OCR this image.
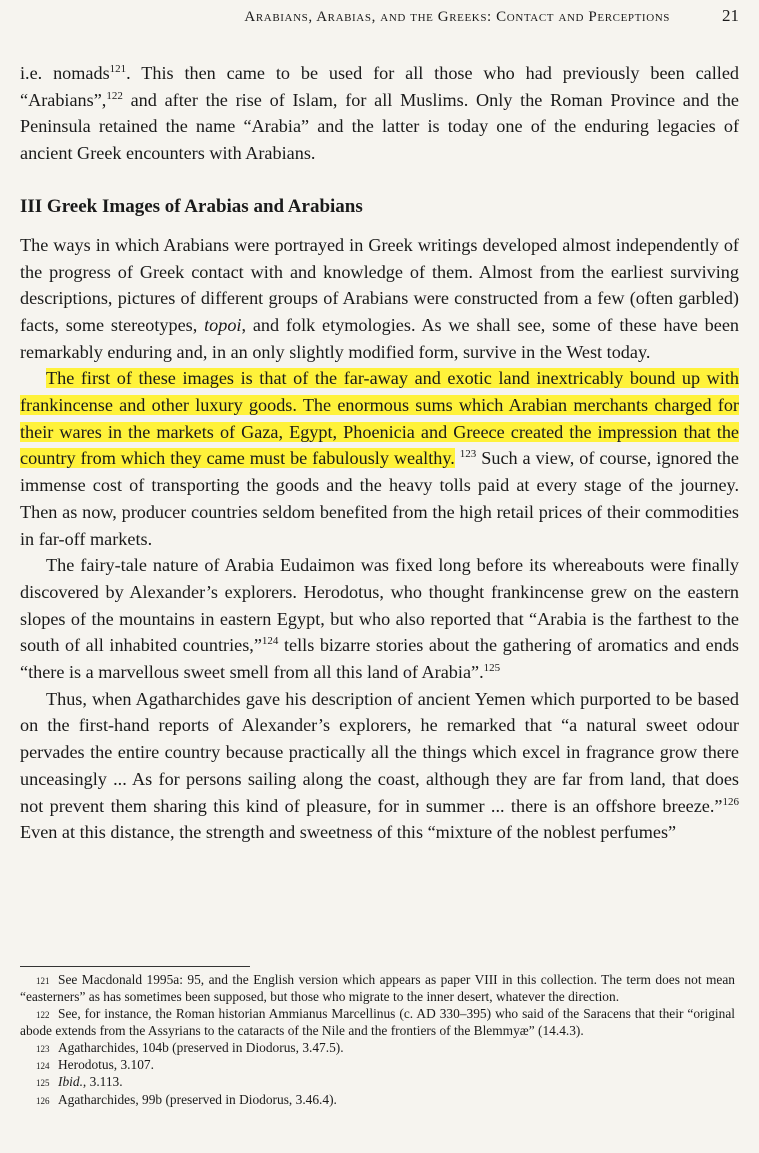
Arabians, Arabias, and the Greeks: Contact and Perceptions	21

i.e. nomads$^{121}$. This then came to be used for all those who had previously been called “Arabians”,$^{122}$ and after the rise of Islam, for all Muslims. Only the Roman Province and the Peninsula retained the name “Arabia” and the latter is today one of the enduring legacies of ancient Greek encounters with Arabians.

III Greek Images of Arabias and Arabians

The ways in which Arabians were portrayed in Greek writings developed almost independently of the progress of Greek contact with and knowledge of them. Almost from the earliest surviving descriptions, pictures of different groups of Arabians were constructed from a few (often garbled) facts, some stereotypes, topoi, and folk etymologies. As we shall see, some of these have been remarkably enduring and, in an only slightly modified form, survive in the West today.

The first of these images is that of the far-away and exotic land inextricably bound up with frankincense and other luxury goods. The enormous sums which Arabian merchants charged for their wares in the markets of Gaza, Egypt, Phoenicia and Greece created the impression that the country from which they came must be fabulously wealthy. $^{123}$ Such a view, of course, ignored the immense cost of transporting the goods and the heavy tolls paid at every stage of the journey. Then as now, producer countries seldom benefited from the high retail prices of their commodities in far-off markets.

The fairy-tale nature of Arabia Eudaimon was fixed long before its whereabouts were finally discovered by Alexander’s explorers. Herodotus, who thought frankincense grew on the eastern slopes of the mountains in eastern Egypt, but who also reported that “Arabia is the farthest to the south of all inhabited countries,”$^{124}$ tells bizarre stories about the gathering of aromatics and ends “there is a marvellous sweet smell from all this land of Arabia”.$^{125}$

Thus, when Agatharchides gave his description of ancient Yemen which purported to be based on the first-hand reports of Alexander’s explorers, he remarked that “a natural sweet odour pervades the entire country because practically all the things which excel in fragrance grow there unceasingly ... As for persons sailing along the coast, although they are far from land, that does not prevent them sharing this kind of pleasure, for in summer ... there is an offshore breeze.”$^{126}$ Even at this distance, the strength and sweetness of this “mixture of the noblest perfumes”

121 See Macdonald 1995a: 95, and the English version which appears as paper VIII in this collection. The term does not mean “easterners” as has sometimes been supposed, but those who migrate to the inner desert, whatever the direction.

122 See, for instance, the Roman historian Ammianus Marcellinus (c. AD 330–395) who said of the Saracens that their “original abode extends from the Assyrians to the cataracts of the Nile and the frontiers of the Blemmyæ” (14.4.3).

123 Agatharchides, 104b (preserved in Diodorus, 3.47.5).

124 Herodotus, 3.107.

125 Ibid., 3.113.

126 Agatharchides, 99b (preserved in Diodorus, 3.46.4).
